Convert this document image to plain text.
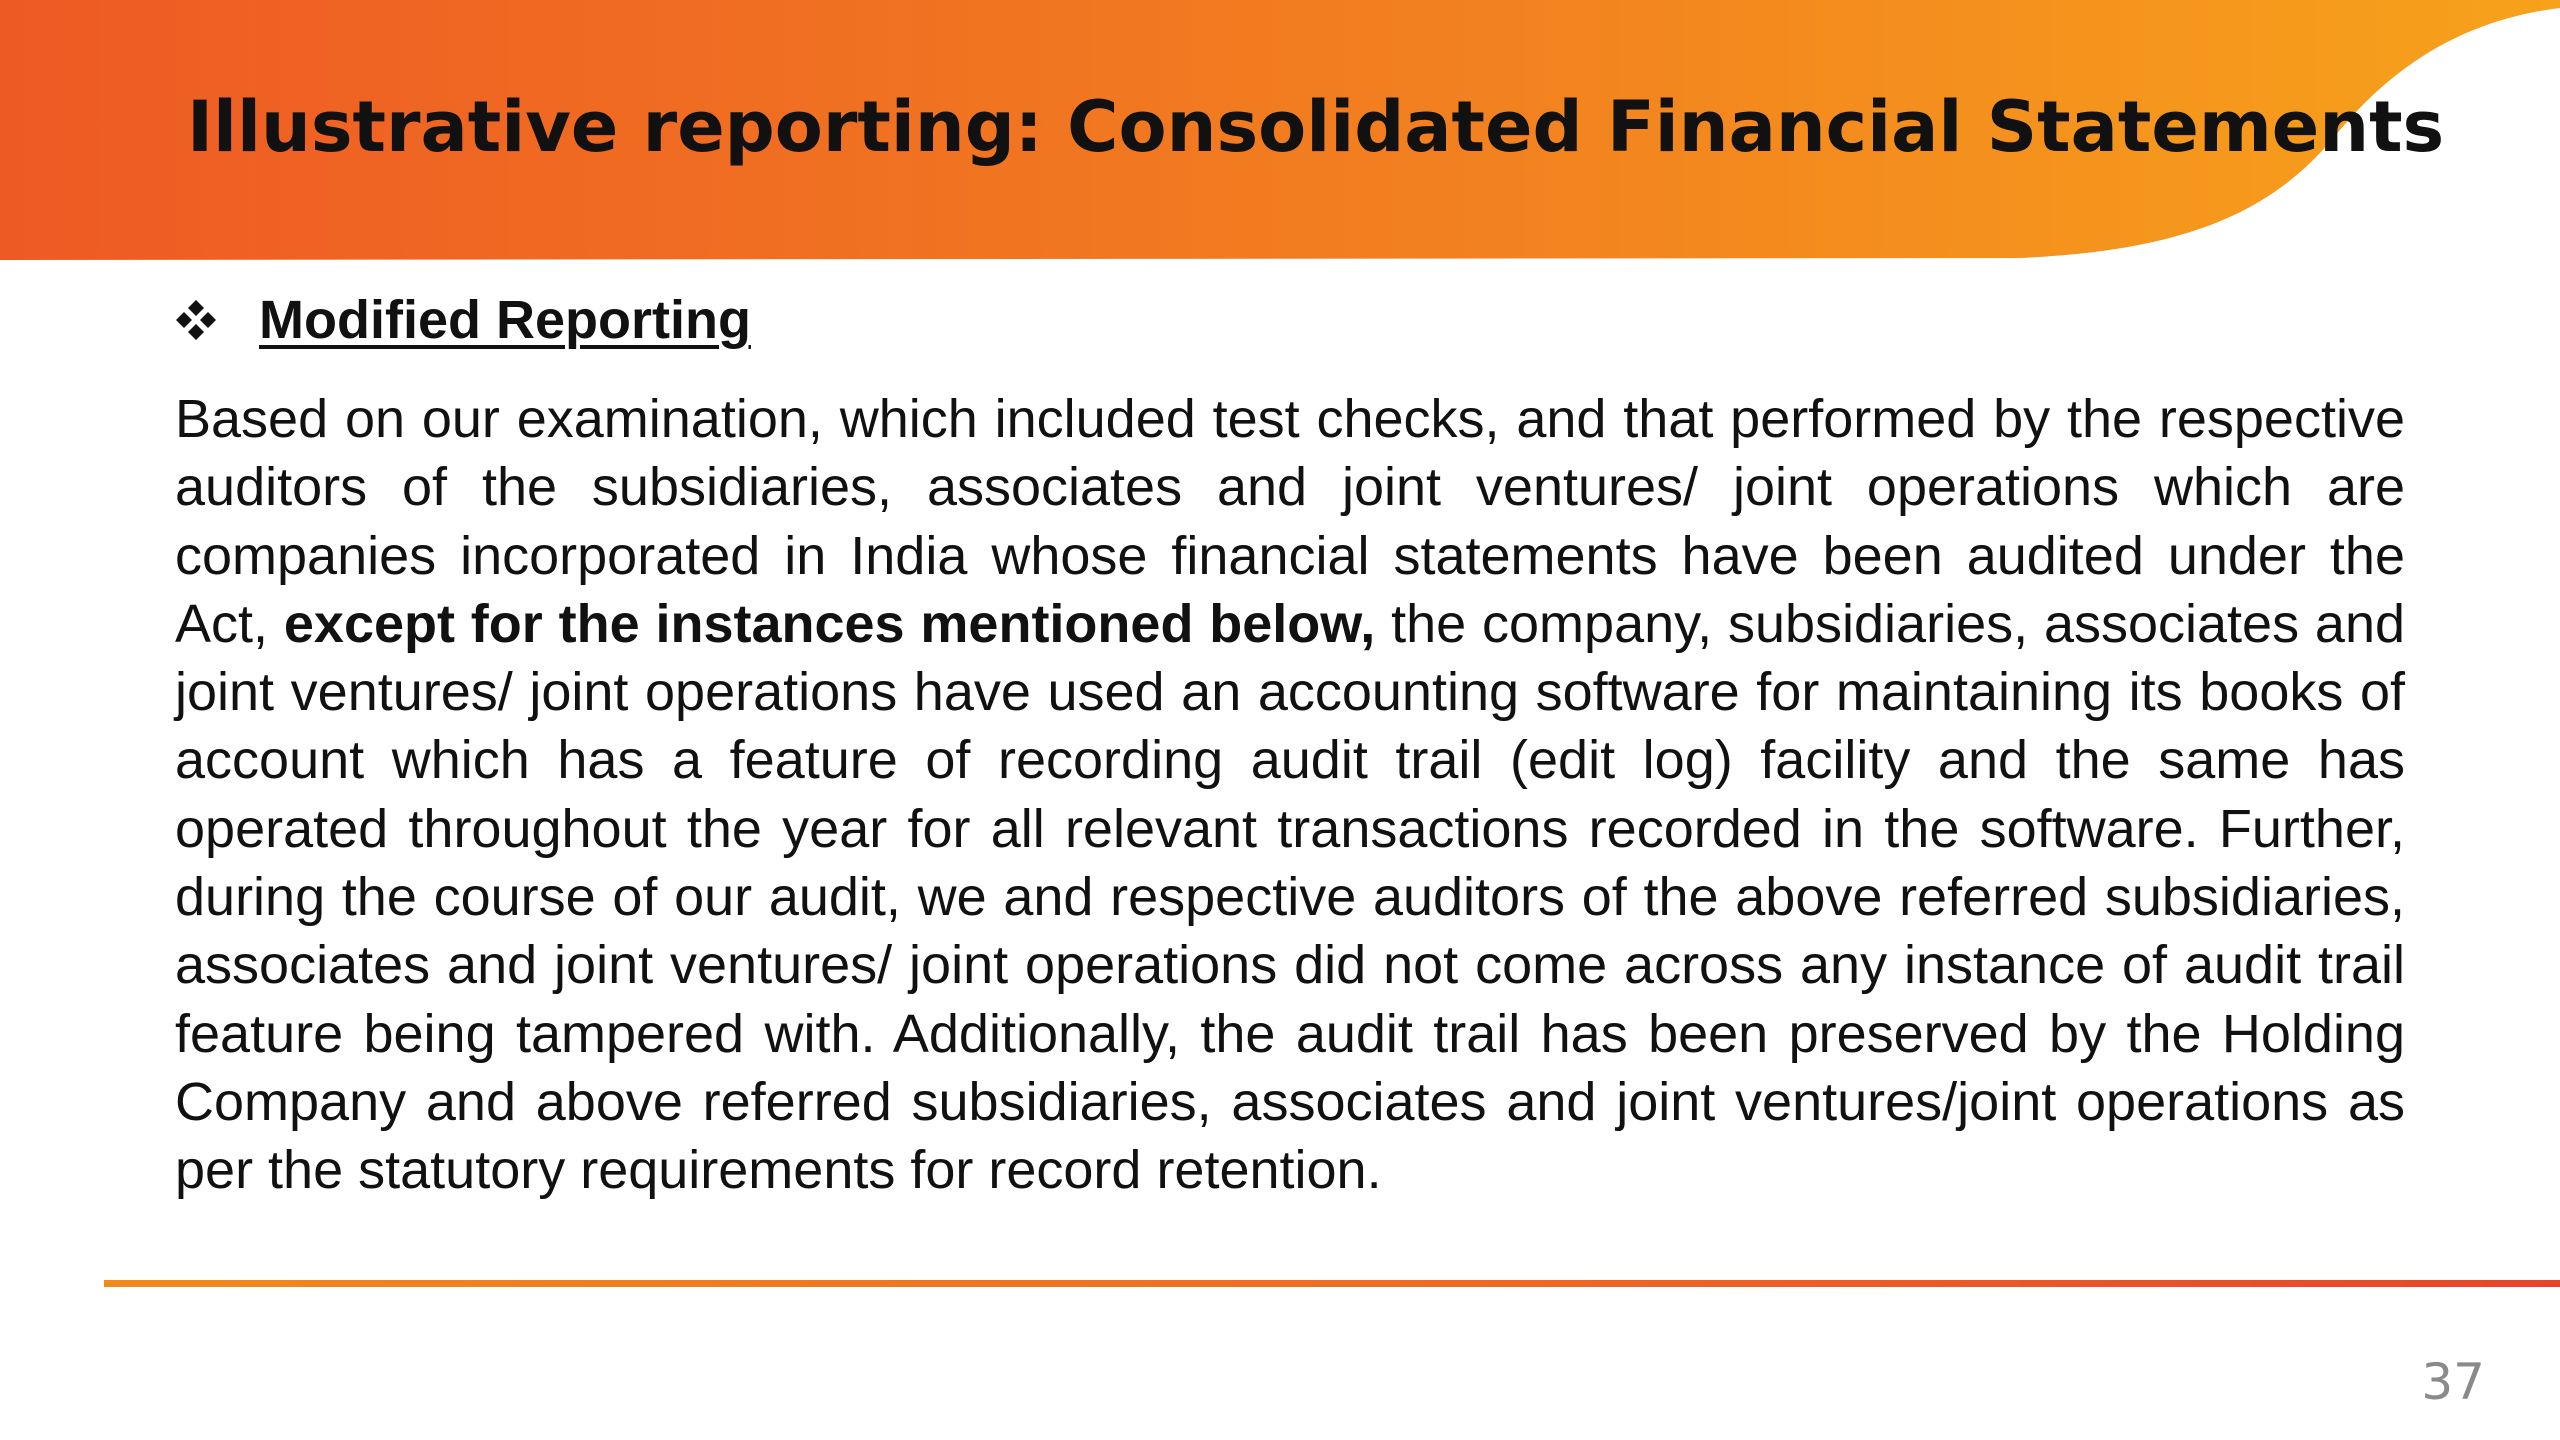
Illustrative reporting: Consolidated Financial Statements
Modified Reporting

Based on our examination, which included test checks, and that performed by the respective auditors of the subsidiaries, associates and joint ventures/ joint operations which are companies incorporated in India whose financial statements have been audited under the Act, except for the instances mentioned below, the company, subsidiaries, associates and joint ventures/ joint operations have used an accounting software for maintaining its books of account which has a feature of recording audit trail (edit log) facility and the same has operated throughout the year for all relevant transactions recorded in the software. Further, during the course of our audit, we and respective auditors of the above referred subsidiaries, associates and joint ventures/ joint operations did not come across any instance of audit trail feature being tampered with. Additionally, the audit trail has been preserved by the Holding Company and above referred subsidiaries, associates and joint ventures/joint operations as per the statutory requirements for record retention.

37
